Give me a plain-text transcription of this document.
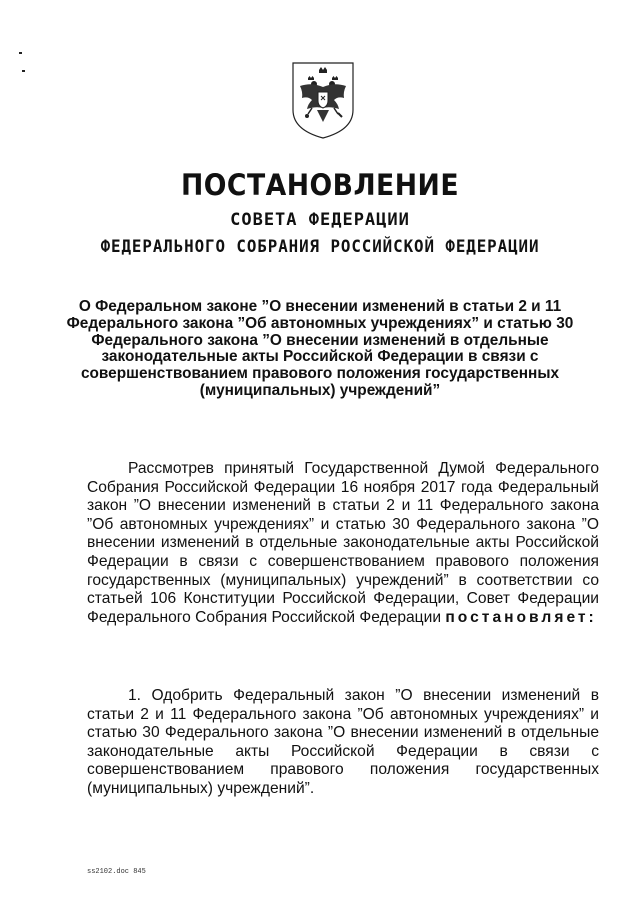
ПОСТАНОВЛЕНИЕ
СОВЕТА ФЕДЕРАЦИИ
ФЕДЕРАЛЬНОГО СОБРАНИЯ РОССИЙСКОЙ ФЕДЕРАЦИИ
О Федеральном законе ”О внесении изменений в статьи 2 и 11 Федерального закона ”Об автономных учреждениях” и статью 30 Федерального закона ”О внесении изменений в отдельные законодательные акты Российской Федерации в связи с совершенствованием правового положения государственных (муниципальных) учреждений”
Рассмотрев принятый Государственной Думой Федерального Собрания Российской Федерации 16 ноября 2017 года Федеральный закон ”О внесении изменений в статьи 2 и 11 Федерального закона ”Об автономных учреждениях” и статью 30 Федерального закона ”О внесении изменений в отдельные законодательные акты Российской Федерации в связи с совершенствованием правового положения государственных (муниципальных) учреждений” в соответствии со статьей 106 Конституции Российской Федерации, Совет Федерации Федерального Собрания Российской Федерации постановляет:
1. Одобрить Федеральный закон ”О внесении изменений в статьи 2 и 11 Федерального закона ”Об автономных учреждениях” и статью 30 Федерального закона ”О внесении изменений в отдельные законодательные акты Российской Федерации в связи с совершенствованием правового положения государственных (муниципальных) учреждений”.
ss2102.doc 845
